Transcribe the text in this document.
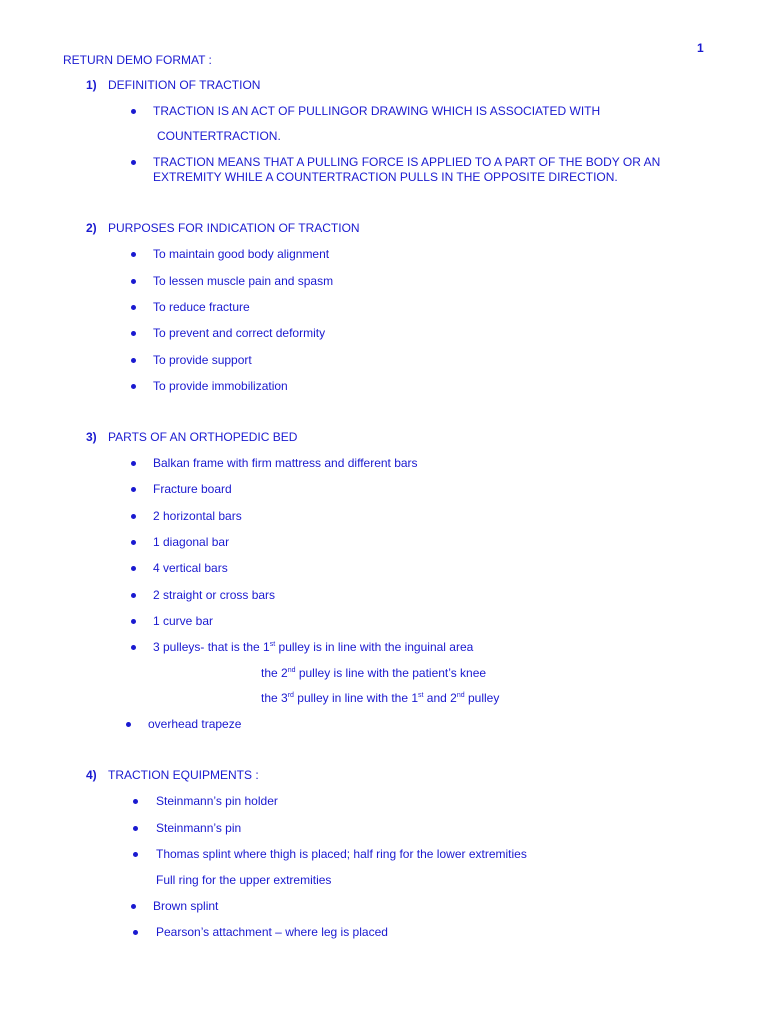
1
RETURN DEMO FORMAT :
1) DEFINITION OF TRACTION
TRACTION IS AN ACT OF PULLINGOR DRAWING WHICH IS ASSOCIATED WITH
COUNTERTRACTION.
TRACTION MEANS THAT A PULLING FORCE IS APPLIED TO A PART OF THE BODY OR AN
EXTREMITY WHILE A COUNTERTRACTION PULLS IN THE OPPOSITE DIRECTION.
2) PURPOSES FOR INDICATION OF TRACTION
To maintain good body alignment
To lessen muscle pain and spasm
To reduce fracture
To prevent and correct deformity
To provide support
To provide immobilization
3) PARTS OF AN ORTHOPEDIC BED
Balkan frame with firm mattress and different bars
Fracture board
2 horizontal bars
1 diagonal bar
4 vertical bars
2 straight or cross bars
1 curve bar
3 pulleys- that is the 1st pulley is in line with the inguinal area
the 2nd pulley is line with the patient’s knee
the 3rd pulley in line with the 1st and 2nd pulley
overhead trapeze
4) TRACTION EQUIPMENTS :
Steinmann’s pin holder
Steinmann’s pin
Thomas splint where thigh is placed; half ring for the lower extremities
Full ring for the upper extremities
Brown splint
Pearson’s attachment – where leg is placed
